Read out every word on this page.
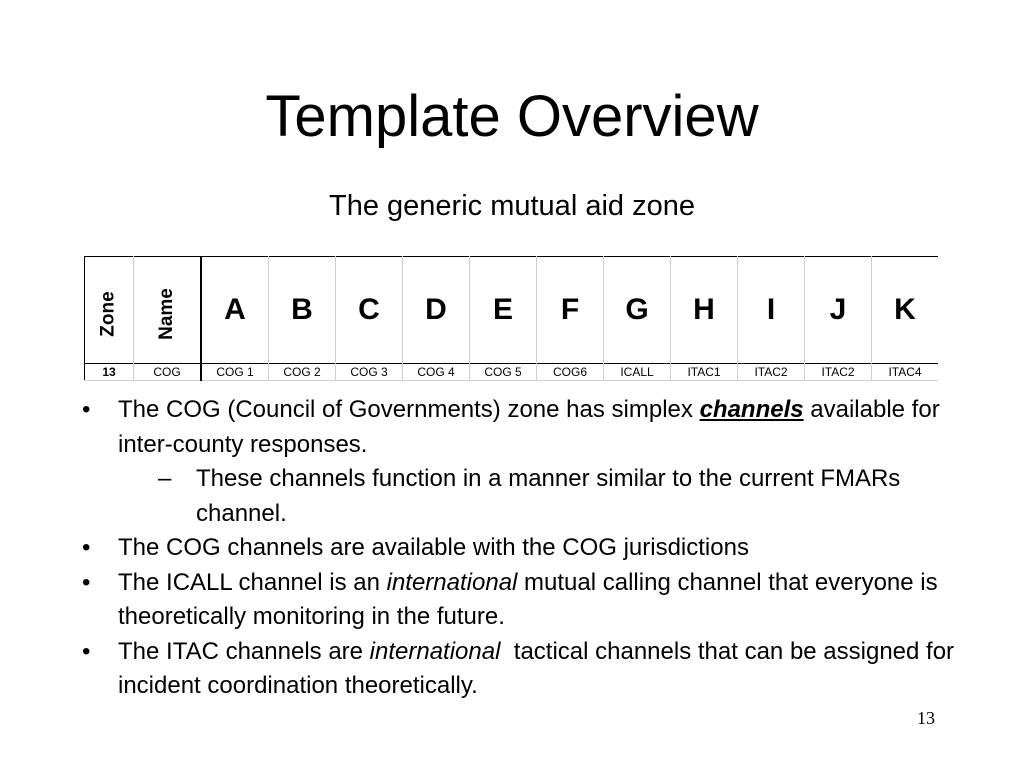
Template Overview
The generic mutual aid zone
Zone	Name	A	B	C	D	E	F	G	H	I	J	K
13	COG	COG 1	COG 2	COG 3	COG 4	COG 5	COG6	ICALL	ITAC1	ITAC2	ITAC2	ITAC4
• The COG (Council of Governments) zone has simplex channels available for inter-county responses.
– These channels function in a manner similar to the current FMARs channel.
• The COG channels are available with the COG jurisdictions
• The ICALL channel is an international mutual calling channel that everyone is theoretically monitoring in the future.
• The ITAC channels are international  tactical channels that can be assigned for incident coordination theoretically.
13
